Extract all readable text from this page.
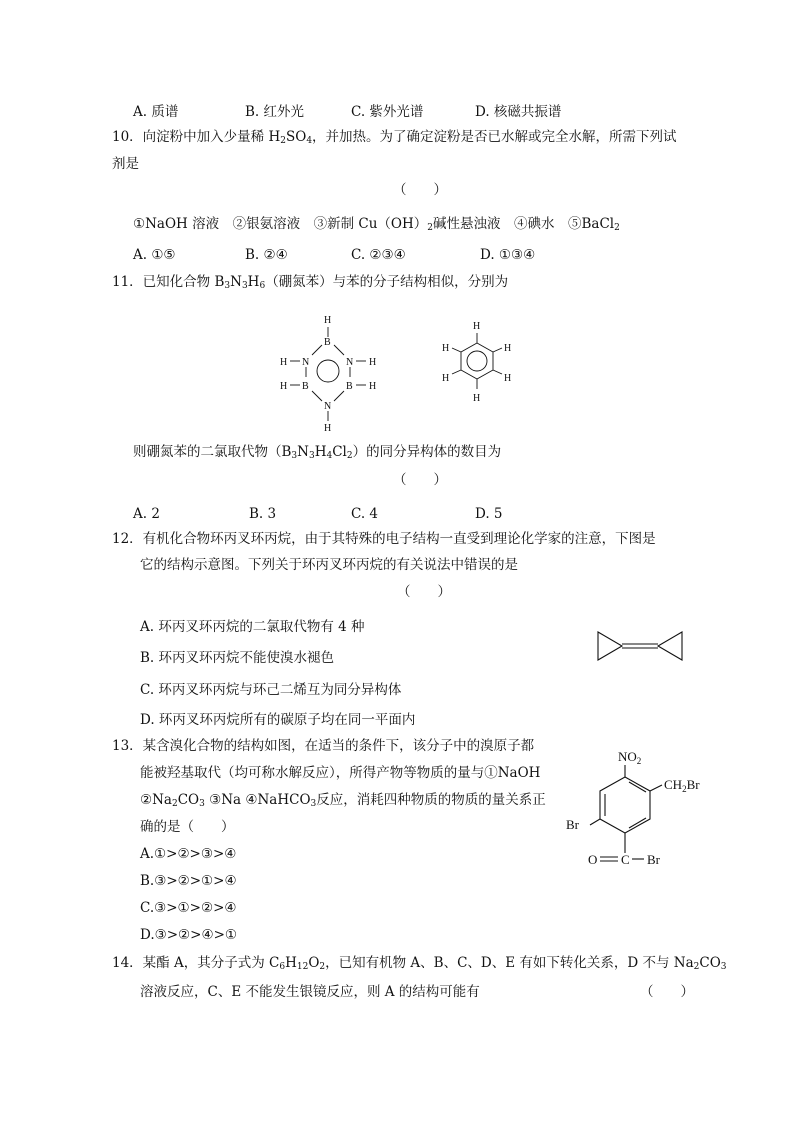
A. 质谱	B. 红外光	C. 紫外光谱	D. 核磁共振谱
10．向淀粉中加入少量稀 $H_2SO_4$，并加热。为了确定淀粉是否已水解或完全水解，所需下列试
剂是
（　　）
①NaOH 溶液　②银氨溶液　③新制 $Cu(OH)_2$碱性悬浊液　④碘水　⑤BaCl$_2$
A. ①⑤	B. ②④	C. ②③④	D. ①③④
11．已知化合物 $B_3N_3H_6$（硼氮苯）与苯的分子结构相似，分别为
H
B
N	N
H	H
B	B
H	H
N
H
H
H
H
H
H
H
则硼氮苯的二氯取代物$(B_3N_3H_4Cl_2)$的同分异构体的数目为
（　　）
A. 2	B. 3	C. 4	D. 5
12．有机化合物环丙叉环丙烷，由于其特殊的电子结构一直受到理论化学家的注意，下图是
它的结构示意图。下列关于环丙叉环丙烷的有关说法中错误的是
（　　）
A. 环丙叉环丙烷的二氯取代物有 4 种
B. 环丙叉环丙烷不能使溴水褪色
C. 环丙叉环丙烷与环己二烯互为同分异构体
D. 环丙叉环丙烷所有的碳原子均在同一平面内
13．某含溴化合物的结构如图，在适当的条件下，该分子中的溴原子都
能被羟基取代（均可称水解反应），所得产物等物质的量与①NaOH
$②Na_2CO_3$ ③Na ④NaHCO$_3$反应，消耗四种物质的物质的量关系正
确的是（　　）
A.①>②>③>④
B.③>②>①>④
C.③>①>②>④
D.③>②>④>①
$NO_2$
$CH_2Br$
Br
O C Br
14．某酯 A，其分子式为 $C_6H_{12}O_2$，已知有机物 A、B、C、D、E 有如下转化关系，D 不与 $Na_2CO_3$
溶液反应，C、E 不能发生银镜反应，则 A 的结构可能有	（　　）
